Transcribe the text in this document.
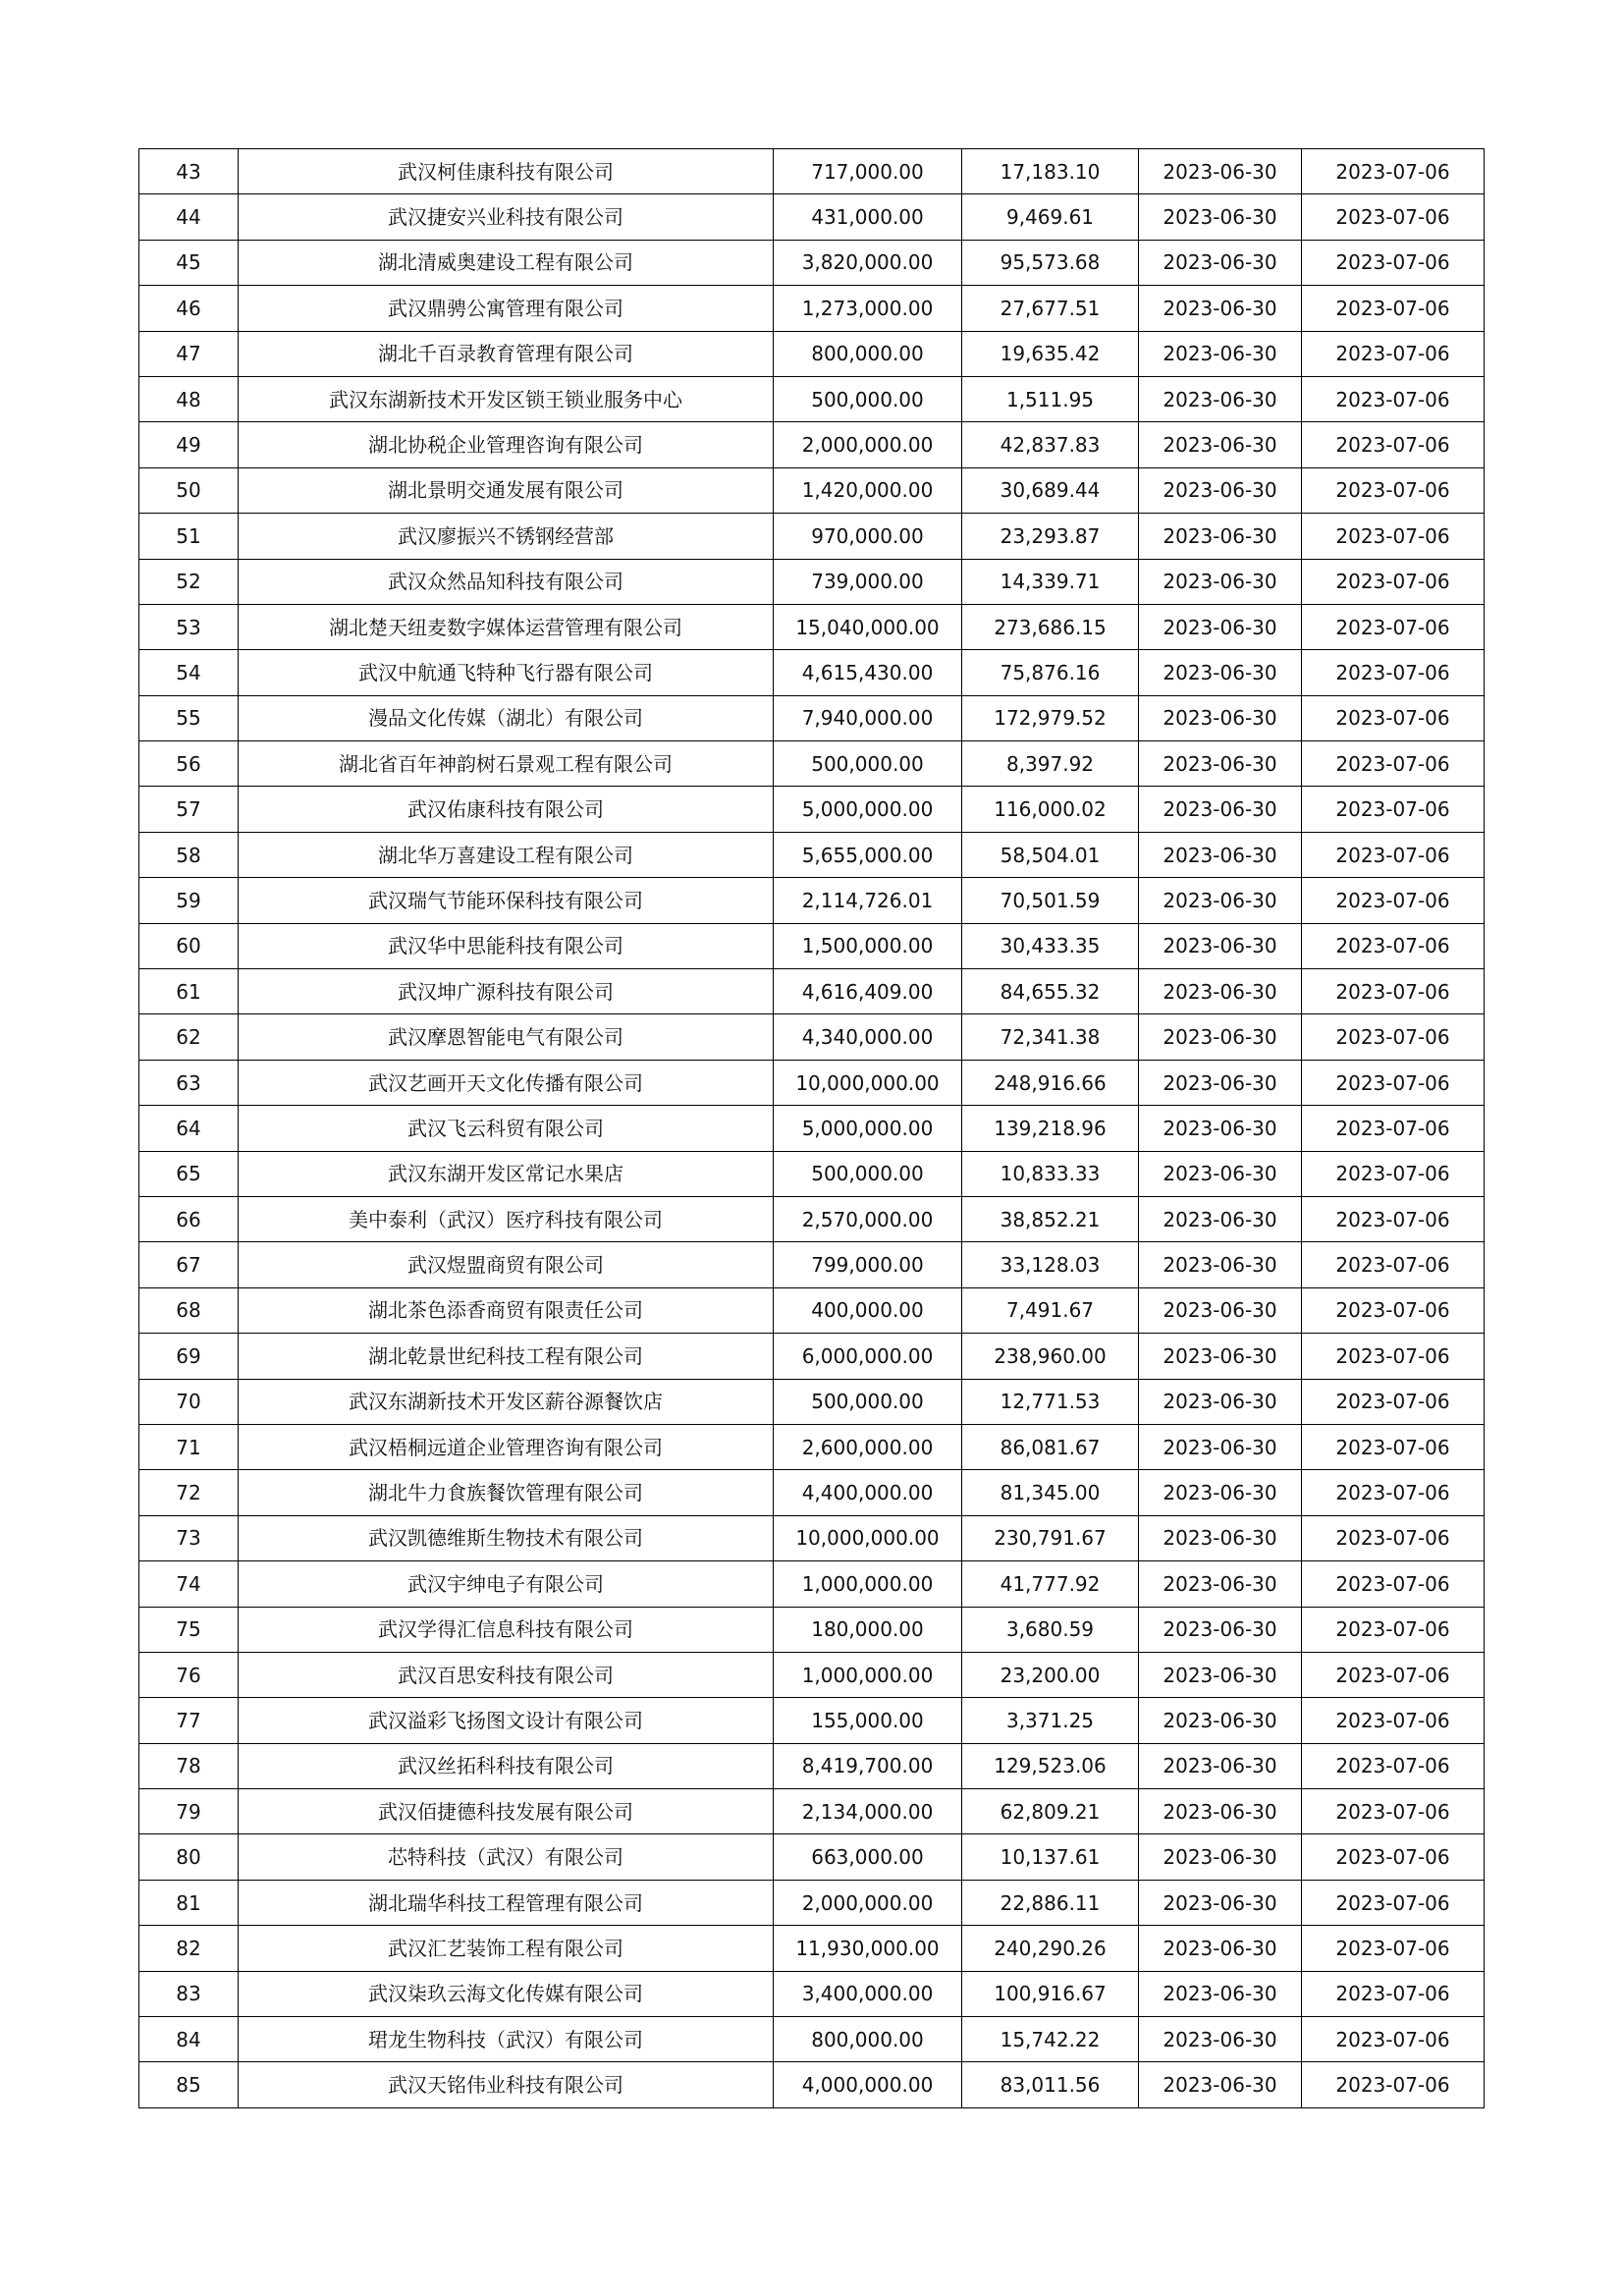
43	武汉柯佳康科技有限公司	717,000.00	17,183.10	2023-06-30	2023-07-06
44	武汉捷安兴业科技有限公司	431,000.00	9,469.61	2023-06-30	2023-07-06
45	湖北清威奥建设工程有限公司	3,820,000.00	95,573.68	2023-06-30	2023-07-06
46	武汉鼎骋公寓管理有限公司	1,273,000.00	27,677.51	2023-06-30	2023-07-06
47	湖北千百录教育管理有限公司	800,000.00	19,635.42	2023-06-30	2023-07-06
48	武汉东湖新技术开发区锁王锁业服务中心	500,000.00	1,511.95	2023-06-30	2023-07-06
49	湖北协税企业管理咨询有限公司	2,000,000.00	42,837.83	2023-06-30	2023-07-06
50	湖北景明交通发展有限公司	1,420,000.00	30,689.44	2023-06-30	2023-07-06
51	武汉廖振兴不锈钢经营部	970,000.00	23,293.87	2023-06-30	2023-07-06
52	武汉众然品知科技有限公司	739,000.00	14,339.71	2023-06-30	2023-07-06
53	湖北楚天纽麦数字媒体运营管理有限公司	15,040,000.00	273,686.15	2023-06-30	2023-07-06
54	武汉中航通飞特种飞行器有限公司	4,615,430.00	75,876.16	2023-06-30	2023-07-06
55	漫品文化传媒（湖北）有限公司	7,940,000.00	172,979.52	2023-06-30	2023-07-06
56	湖北省百年神韵树石景观工程有限公司	500,000.00	8,397.92	2023-06-30	2023-07-06
57	武汉佑康科技有限公司	5,000,000.00	116,000.02	2023-06-30	2023-07-06
58	湖北华万喜建设工程有限公司	5,655,000.00	58,504.01	2023-06-30	2023-07-06
59	武汉瑞气节能环保科技有限公司	2,114,726.01	70,501.59	2023-06-30	2023-07-06
60	武汉华中思能科技有限公司	1,500,000.00	30,433.35	2023-06-30	2023-07-06
61	武汉坤广源科技有限公司	4,616,409.00	84,655.32	2023-06-30	2023-07-06
62	武汉摩恩智能电气有限公司	4,340,000.00	72,341.38	2023-06-30	2023-07-06
63	武汉艺画开天文化传播有限公司	10,000,000.00	248,916.66	2023-06-30	2023-07-06
64	武汉飞云科贸有限公司	5,000,000.00	139,218.96	2023-06-30	2023-07-06
65	武汉东湖开发区常记水果店	500,000.00	10,833.33	2023-06-30	2023-07-06
66	美中泰利（武汉）医疗科技有限公司	2,570,000.00	38,852.21	2023-06-30	2023-07-06
67	武汉煜盟商贸有限公司	799,000.00	33,128.03	2023-06-30	2023-07-06
68	湖北茶色添香商贸有限责任公司	400,000.00	7,491.67	2023-06-30	2023-07-06
69	湖北乾景世纪科技工程有限公司	6,000,000.00	238,960.00	2023-06-30	2023-07-06
70	武汉东湖新技术开发区薪谷源餐饮店	500,000.00	12,771.53	2023-06-30	2023-07-06
71	武汉梧桐远道企业管理咨询有限公司	2,600,000.00	86,081.67	2023-06-30	2023-07-06
72	湖北牛力食族餐饮管理有限公司	4,400,000.00	81,345.00	2023-06-30	2023-07-06
73	武汉凯德维斯生物技术有限公司	10,000,000.00	230,791.67	2023-06-30	2023-07-06
74	武汉宇绅电子有限公司	1,000,000.00	41,777.92	2023-06-30	2023-07-06
75	武汉学得汇信息科技有限公司	180,000.00	3,680.59	2023-06-30	2023-07-06
76	武汉百思安科技有限公司	1,000,000.00	23,200.00	2023-06-30	2023-07-06
77	武汉溢彩飞扬图文设计有限公司	155,000.00	3,371.25	2023-06-30	2023-07-06
78	武汉丝拓科科技有限公司	8,419,700.00	129,523.06	2023-06-30	2023-07-06
79	武汉佰捷德科技发展有限公司	2,134,000.00	62,809.21	2023-06-30	2023-07-06
80	芯特科技（武汉）有限公司	663,000.00	10,137.61	2023-06-30	2023-07-06
81	湖北瑞华科技工程管理有限公司	2,000,000.00	22,886.11	2023-06-30	2023-07-06
82	武汉汇艺装饰工程有限公司	11,930,000.00	240,290.26	2023-06-30	2023-07-06
83	武汉柒玖云海文化传媒有限公司	3,400,000.00	100,916.67	2023-06-30	2023-07-06
84	珺龙生物科技（武汉）有限公司	800,000.00	15,742.22	2023-06-30	2023-07-06
85	武汉天铭伟业科技有限公司	4,000,000.00	83,011.56	2023-06-30	2023-07-06
